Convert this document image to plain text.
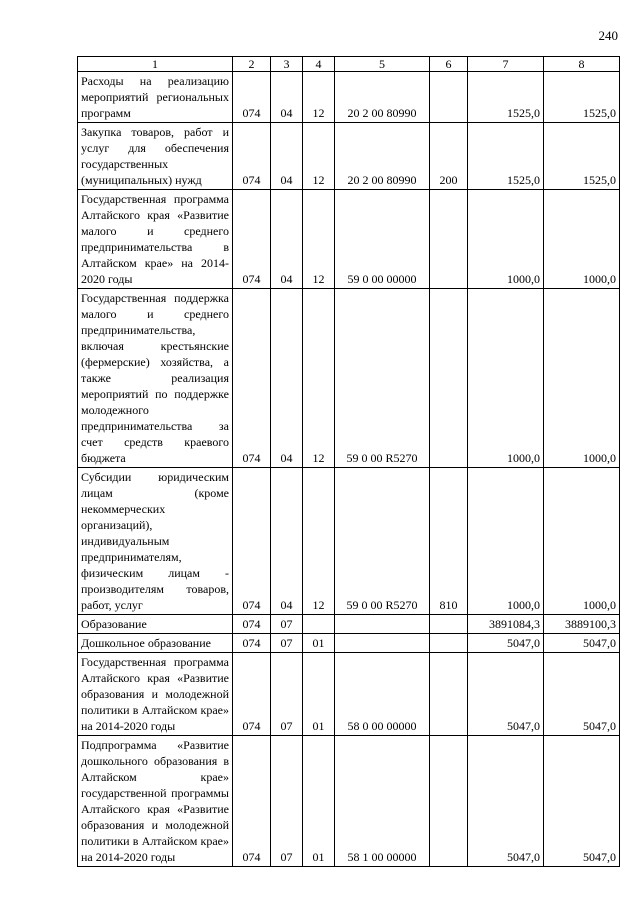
240
1	2	3	4	5	6	7	8
Расходы на реализацию мероприятий региональных программ	074	04	12	20 2 00 80990		1525,0	1525,0
Закупка товаров, работ и услуг для обеспечения государственных (муниципальных) нужд	074	04	12	20 2 00 80990	200	1525,0	1525,0
Государственная программа Алтайского края «Развитие малого и среднего предпринимательства в Алтайском крае» на 2014-2020 годы	074	04	12	59 0 00 00000		1000,0	1000,0
Государственная поддержка малого и среднего предпринимательства, включая крестьянские (фермерские) хозяйства, а также реализация мероприятий по поддержке молодежного предпринимательства за счет средств краевого бюджета	074	04	12	59 0 00 R5270		1000,0	1000,0
Субсидии юридическим лицам (кроме некоммерческих организаций), индивидуальным предпринимателям, физическим лицам - производителям товаров, работ, услуг	074	04	12	59 0 00 R5270	810	1000,0	1000,0
Образование	074	07				3891084,3	3889100,3
Дошкольное образование	074	07	01			5047,0	5047,0
Государственная программа Алтайского края «Развитие образования и молодежной политики в Алтайском крае» на 2014-2020 годы	074	07	01	58 0 00 00000		5047,0	5047,0
Подпрограмма «Развитие дошкольного образования в Алтайском крае» государственной программы Алтайского края «Развитие образования и молодежной политики в Алтайском крае» на 2014-2020 годы	074	07	01	58 1 00 00000		5047,0	5047,0
